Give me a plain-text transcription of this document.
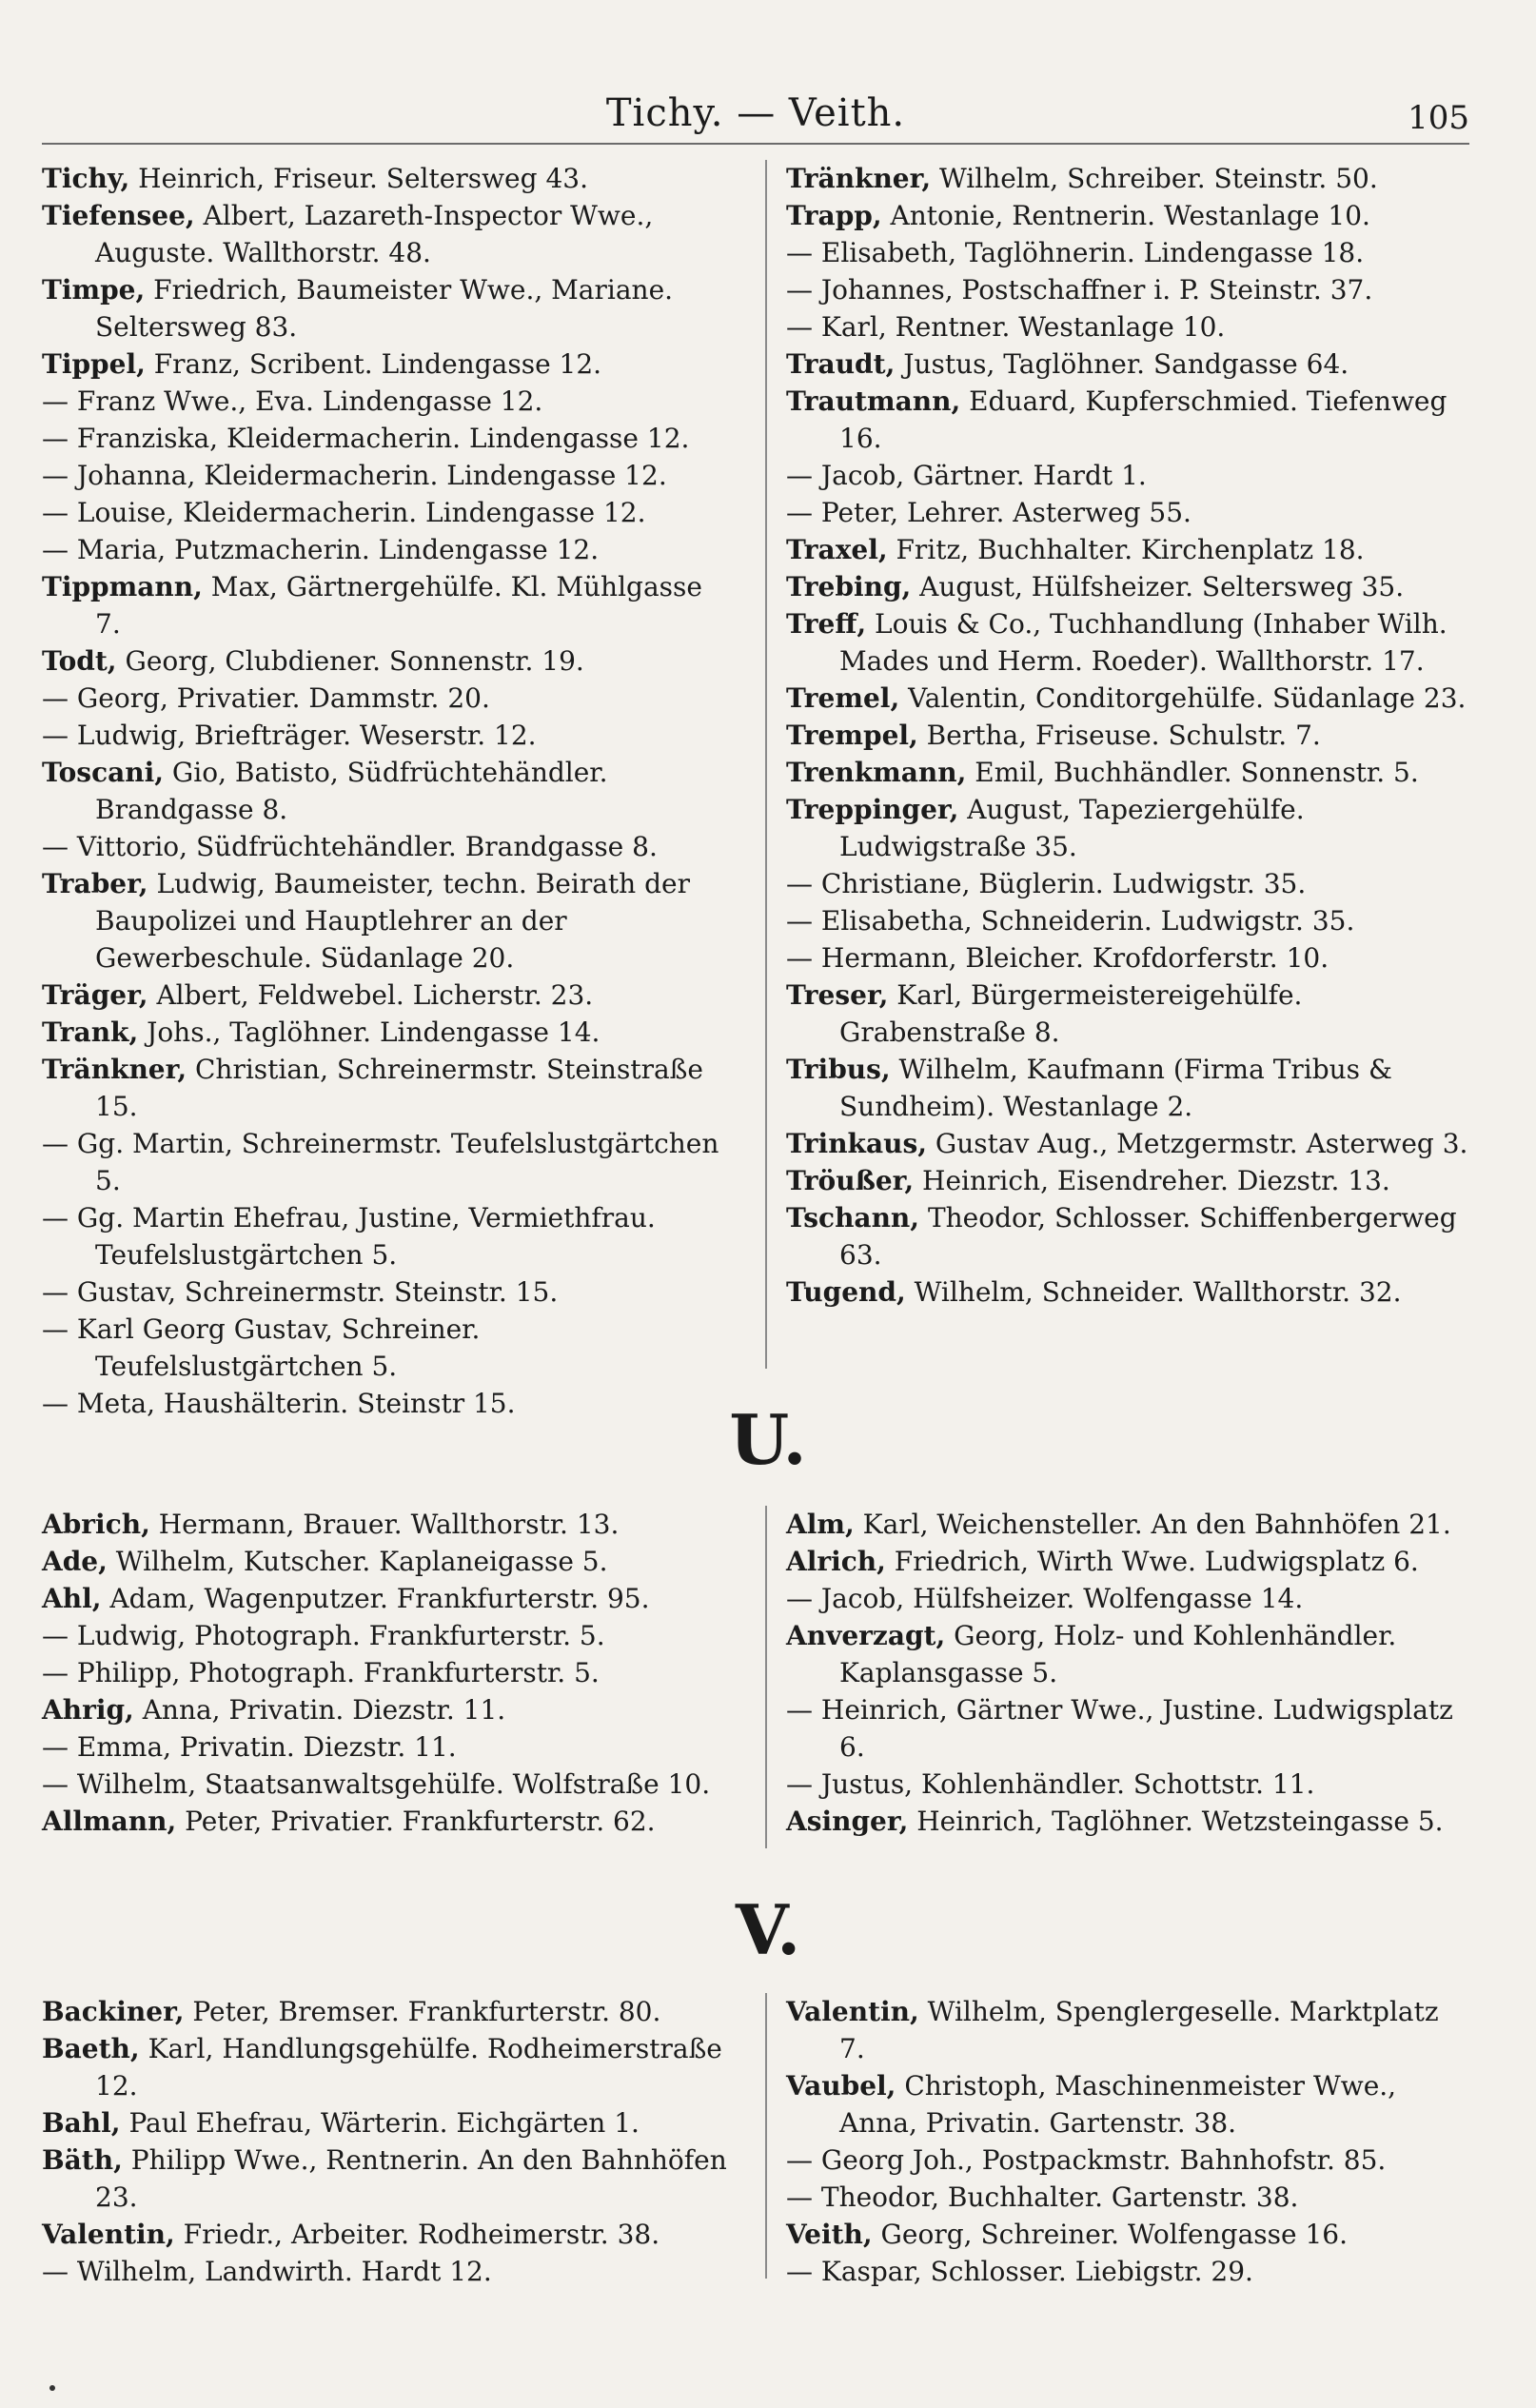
Tichy. — Veith.	105

Tichy, Heinrich, Friseur. Seltersweg 43.

Tiefensee, Albert, Lazareth-Inspector Wwe., Auguste. Wallthorstr. 48.

Timpe, Friedrich, Baumeister Wwe., Mariane. Seltersweg 83.

Tippel, Franz, Scribent. Lindengasse 12.

— Franz Wwe., Eva. Lindengasse 12.

— Franziska, Kleidermacherin. Lindengasse 12.

— Johanna, Kleidermacherin. Lindengasse 12.

— Louise, Kleidermacherin. Lindengasse 12.

— Maria, Putzmacherin. Lindengasse 12.

Tippmann, Max, Gärtnergehülfe. Kl. Mühlgasse 7.

Todt, Georg, Clubdiener. Sonnenstr. 19.

— Georg, Privatier. Dammstr. 20.

— Ludwig, Briefträger. Weserstr. 12.

Toscani, Gio, Batisto, Südfrüchtehändler. Brandgasse 8.

— Vittorio, Südfrüchtehändler. Brandgasse 8.

Traber, Ludwig, Baumeister, techn. Beirath der Baupolizei und Hauptlehrer an der Gewerbeschule. Südanlage 20.

Träger, Albert, Feldwebel. Licherstr. 23.

Trank, Johs., Taglöhner. Lindengasse 14.

Tränkner, Christian, Schreinermstr. Steinstraße 15.

— Gg. Martin, Schreinermstr. Teufelslustgärtchen 5.

— Gg. Martin Ehefrau, Justine, Vermiethfrau. Teufelslustgärtchen 5.

— Gustav, Schreinermstr. Steinstr. 15.

— Karl Georg Gustav, Schreiner. Teufelslustgärtchen 5.

— Meta, Haushälterin. Steinstr 15.

Tränkner, Wilhelm, Schreiber. Steinstr. 50.

Trapp, Antonie, Rentnerin. Westanlage 10.

— Elisabeth, Taglöhnerin. Lindengasse 18.

— Johannes, Postschaffner i. P. Steinstr. 37.

— Karl, Rentner. Westanlage 10.

Traudt, Justus, Taglöhner. Sandgasse 64.

Trautmann, Eduard, Kupferschmied. Tiefenweg 16.

— Jacob, Gärtner. Hardt 1.

— Peter, Lehrer. Asterweg 55.

Traxel, Fritz, Buchhalter. Kirchenplatz 18.

Trebing, August, Hülfsheizer. Seltersweg 35.

Treff, Louis & Co., Tuchhandlung (Inhaber Wilh. Mades und Herm. Roeder). Wallthorstr. 17.

Tremel, Valentin, Conditorgehülfe. Südanlage 23.

Trempel, Bertha, Friseuse. Schulstr. 7.

Trenkmann, Emil, Buchhändler. Sonnenstr. 5.

Treppinger, August, Tapeziergehülfe. Ludwigstraße 35.

— Christiane, Büglerin. Ludwigstr. 35.

— Elisabetha, Schneiderin. Ludwigstr. 35.

— Hermann, Bleicher. Krofdorferstr. 10.

Treser, Karl, Bürgermeistereigehülfe. Grabenstraße 8.

Tribus, Wilhelm, Kaufmann (Firma Tribus & Sundheim). Westanlage 2.

Trinkaus, Gustav Aug., Metzgermstr. Asterweg 3.

Tröußer, Heinrich, Eisendreher. Diezstr. 13.

Tschann, Theodor, Schlosser. Schiffenbergerweg 63.

Tugend, Wilhelm, Schneider. Wallthorstr. 32.

U.

Abrich, Hermann, Brauer. Wallthorstr. 13.

Ade, Wilhelm, Kutscher. Kaplaneigasse 5.

Ahl, Adam, Wagenputzer. Frankfurterstr. 95.

— Ludwig, Photograph. Frankfurterstr. 5.

— Philipp, Photograph. Frankfurterstr. 5.

Ahrig, Anna, Privatin. Diezstr. 11.

— Emma, Privatin. Diezstr. 11.

— Wilhelm, Staatsanwaltsgehülfe. Wolfstraße 10.

Allmann, Peter, Privatier. Frankfurterstr. 62.

Alm, Karl, Weichensteller. An den Bahnhöfen 21.

Alrich, Friedrich, Wirth Wwe. Ludwigsplatz 6.

— Jacob, Hülfsheizer. Wolfengasse 14.

Anverzagt, Georg, Holz- und Kohlenhändler. Kaplansgasse 5.

— Heinrich, Gärtner Wwe., Justine. Ludwigsplatz 6.

— Justus, Kohlenhändler. Schottstr. 11.

Asinger, Heinrich, Taglöhner. Wetzsteingasse 5.

V.

Backiner, Peter, Bremser. Frankfurterstr. 80.

Baeth, Karl, Handlungsgehülfe. Rodheimerstraße 12.

Bahl, Paul Ehefrau, Wärterin. Eichgärten 1.

Bäth, Philipp Wwe., Rentnerin. An den Bahnhöfen 23.

Valentin, Friedr., Arbeiter. Rodheimerstr. 38.

— Wilhelm, Landwirth. Hardt 12.

Valentin, Wilhelm, Spenglergeselle. Marktplatz 7.

Vaubel, Christoph, Maschinenmeister Wwe., Anna, Privatin. Gartenstr. 38.

— Georg Joh., Postpackmstr. Bahnhofstr. 85.

— Theodor, Buchhalter. Gartenstr. 38.

Veith, Georg, Schreiner. Wolfengasse 16.

— Kaspar, Schlosser. Liebigstr. 29.
